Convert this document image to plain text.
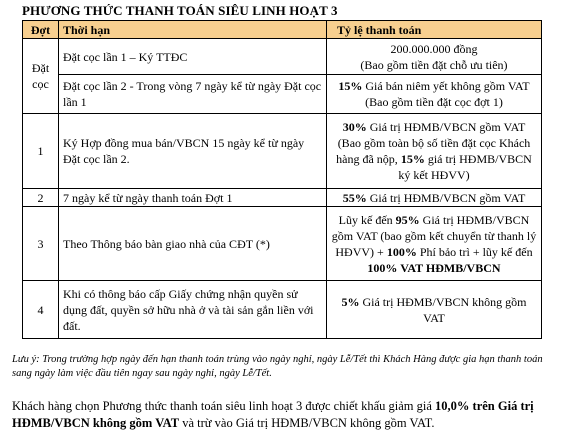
PHƯƠNG THỨC THANH TOÁN SIÊU LINH HOẠT 3
Đợt	Thời hạn	Tỷ lệ thanh toán
Đặt cọc	Đặt cọc lần 1 – Ký TTĐC	200.000.000 đồng
(Bao gồm tiền đặt chỗ ưu tiên)

	Đặt cọc lần 2 - Trong vòng 7 ngày kể từ ngày Đặt cọc lần 1	15% Giá bán niêm yết không gồm VAT
(Bao gồm tiền đặt cọc đợt 1)

1	Ký Hợp đồng mua bán/VBCN 15 ngày kể từ ngày Đặt cọc lần 2.	30% Giá trị HĐMB/VBCN gồm VAT (Bao gồm toàn bộ số tiền đặt cọc Khách hàng đã nộp, 15% giá trị HĐMB/VBCN ký kết HĐVV)
2	7 ngày kể từ ngày thanh toán Đợt 1	55% Giá trị HĐMB/VBCN gồm VAT
3	Theo Thông báo bàn giao nhà của CĐT (*)	Lũy kế đến 95% Giá trị HĐMB/VBCN gồm VAT (bao gồm kết chuyển từ thanh lý HĐVV) + 100% Phí bảo trì + lũy kế đến 100% VAT HĐMB/VBCN
4	Khi có thông báo cấp Giấy chứng nhận quyền sử dụng đất, quyền sở hữu nhà ở và tài sản gắn liền với đất.	5% Giá trị HĐMB/VBCN không gồm VAT
Lưu ý: Trong trường hợp ngày đến hạn thanh toán trùng vào ngày nghỉ, ngày Lễ/Tết thì Khách Hàng được gia hạn thanh toán sang ngày làm việc đầu tiên ngay sau ngày nghỉ, ngày Lễ/Tết.
Khách hàng chọn Phương thức thanh toán siêu linh hoạt 3 được chiết khấu giảm giá 10,0% trên Giá trị HĐMB/VBCN không gồm VAT và trừ vào Giá trị HĐMB/VBCN không gồm VAT.
